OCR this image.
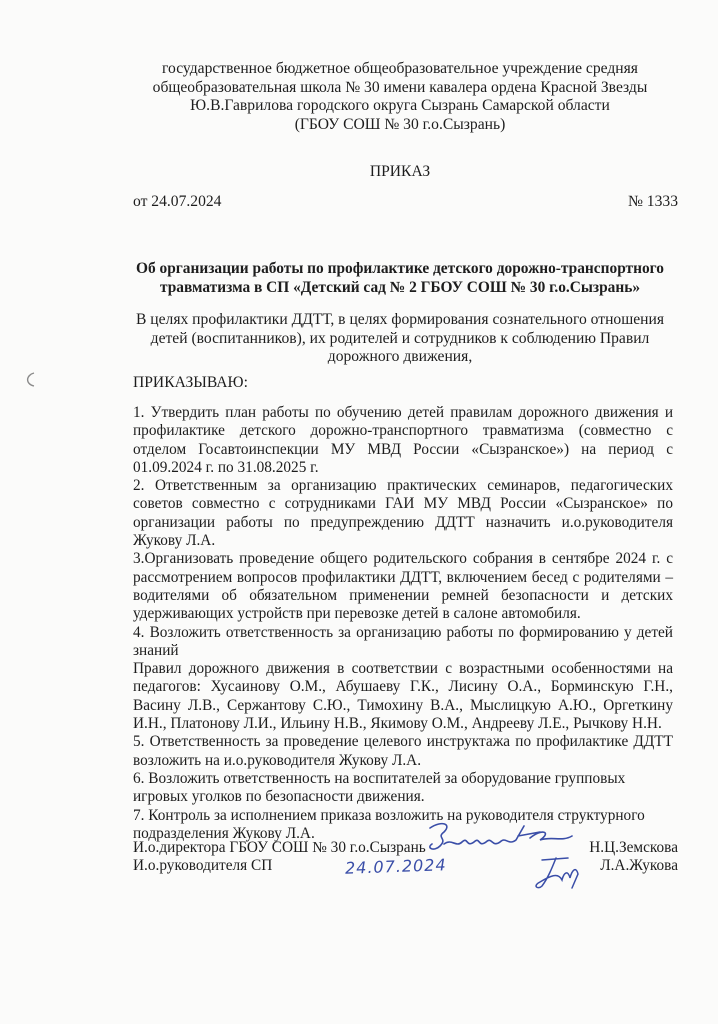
государственное бюджетное общеобразовательное учреждение средняя
общеобразовательная школа № 30 имени кавалера ордена Красной Звезды
Ю.В.Гаврилова городского округа Сызрань Самарской области
(ГБОУ СОШ № 30 г.о.Сызрань)
ПРИКАЗ
от 24.07.2024	№ 1333
Об организации работы по профилактике детского дорожно-транспортного
травматизма в СП «Детский сад № 2 ГБОУ СОШ № 30 г.о.Сызрань»
В целях профилактики ДДТТ, в целях формирования сознательного отношения
детей (воспитанников), их родителей и сотрудников к соблюдению Правил
дорожного движения,
ПРИКАЗЫВАЮ:

1. Утвердить план работы по обучению детей правилам дорожного движения и профилактике детского дорожно-транспортного травматизма (совместно с отделом Госавтоинспекции МУ МВД России «Сызранское») на период с 01.09.2024 г. по 31.08.2025 г.

2. Ответственным за организацию практических семинаров, педагогических советов совместно с сотрудниками ГАИ МУ МВД России «Сызранское» по организации работы по предупреждению ДДТТ назначить и.о.руководителя Жукову Л.А.

3.Организовать проведение общего родительского собрания в сентябре 2024 г. с рассмотрением вопросов профилактики ДДТТ, включением бесед с родителями – водителями об обязательном применении ремней безопасности и детских удерживающих устройств при перевозке детей в салоне автомобиля.

4. Возложить ответственность за организацию работы по формированию у детей знаний

Правил дорожного движения в соответствии с возрастными особенностями на педагогов: Хусаинову О.М., Абушаеву Г.К., Лисину О.А., Борминскую Г.Н., Васину Л.В., Сержантову С.Ю., Тимохину В.А., Мыслицкую А.Ю., Оргеткину И.Н., Платонову Л.И., Ильину Н.В., Якимову О.М., Андрееву Л.Е., Рычкову Н.Н.

5. Ответственность за проведение целевого инструктажа по профилактике ДДТТ возложить на и.о.руководителя Жукову Л.А.

6. Возложить ответственность на воспитателей за оборудование групповых игровых уголков по безопасности движения.

7. Контроль за исполнением приказа возложить на руководителя структурного подразделения Жукову Л.А.

И.о.директора ГБОУ СОШ № 30 г.о.Сызрань	Н.Ц.Земскова
И.о.руководителя СП	Л.А.Жукова
24.07.2024
